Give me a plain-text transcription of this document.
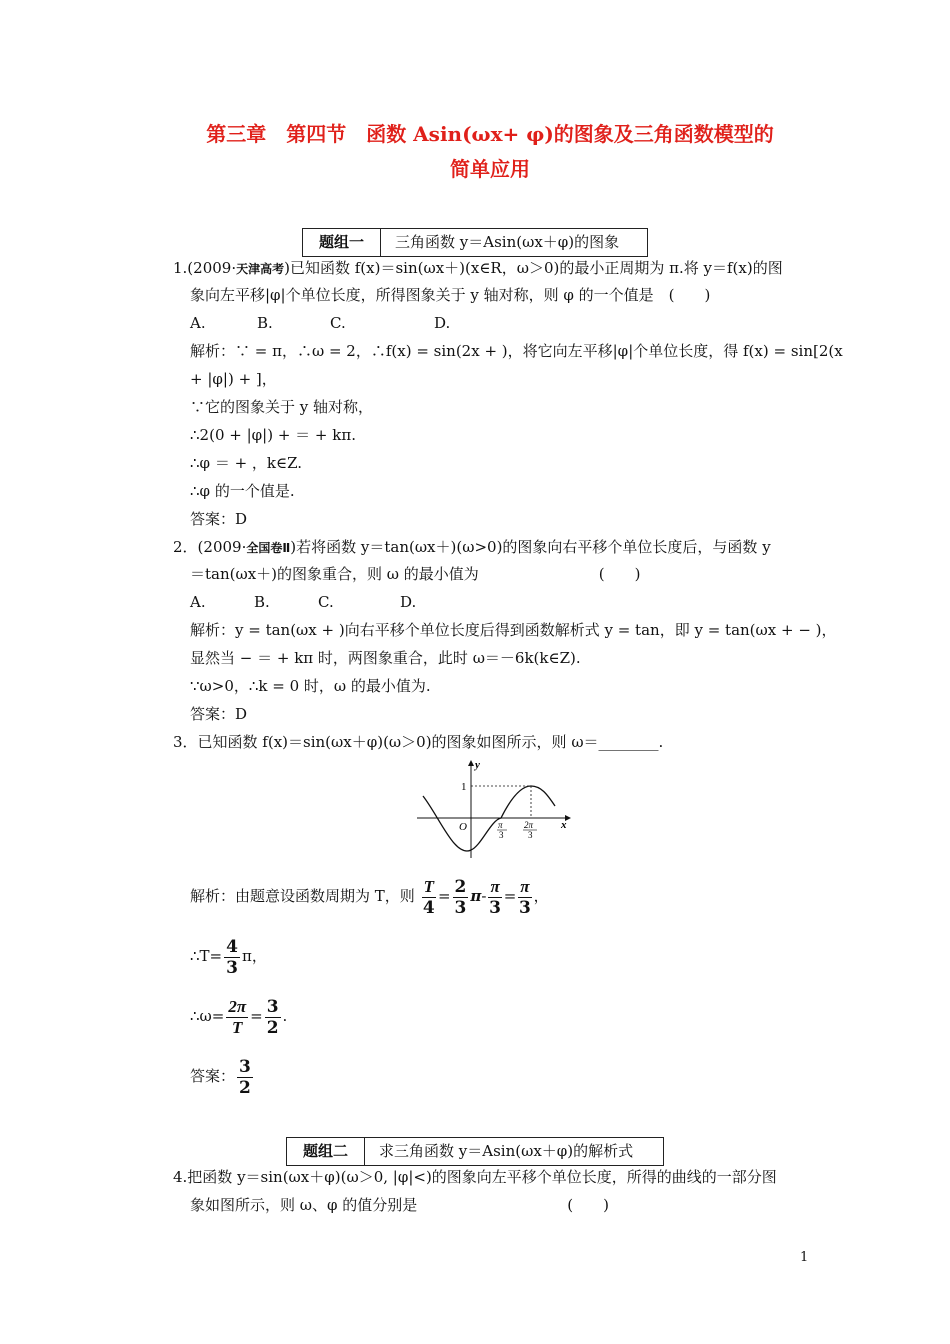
第三章　第四节　函数 Asin(ωx+ φ)的图象及三角函数模型的
简单应用
题组一	三角函数 y＝Asin(ωx＋φ)的图象
1.(2009·天津高考)已知函数 f(x)＝sin(ωx＋)(x∈R，ω＞0)的最小正周期为 π.将 y＝f(x)的图
象向左平移|φ|个单位长度，所得图象关于 y 轴对称，则 φ 的一个值是　(　　)
A.	B.	C.	D.
解析：∵ = π，∴ω = 2，∴f(x) = sin(2x + )，将它向左平移|φ|个单位长度，得 f(x) = sin[2(x
+ |φ|) + ]，
∵它的图象关于 y 轴对称，
∴2(0 + |φ|) + ＝ + kπ.
∴φ ＝ + ，k∈Z.
∴φ 的一个值是.
答案：D
2．(2009·全国卷Ⅱ)若将函数 y＝tan(ωx＋)(ω>0)的图象向右平移个单位长度后，与函数 y
＝tan(ωx＋)的图象重合，则 ω 的最小值为　　　　　　　　(　　)
A.	B.	C.	D.
解析：y = tan(ωx + )向右平移个单位长度后得到函数解析式 y = tan，即 y = tan(ωx + − )，
显然当 − ＝ + kπ 时，两图象重合，此时 ω＝－6k(k∈Z).
∵ω>0，∴k = 0 时，ω 的最小值为.
答案：D
3．已知函数 f(x)＝sin(ωx＋φ)(ω＞0)的图象如图所示，则 ω＝________.
y
x
O
1
π
3
2π
3
解析：由题意设函数周期为 T，则 $\frac{T}{4} = \frac{2}{3} \pi- \frac{\pi}{3} = \frac{\pi}{3}$ ，
∴T= $\frac{4}{3}$ π，
∴ω= $\frac{2\pi}{T} = \frac{3}{2}$ .
答案： $\frac{3}{2}$
题组二	求三角函数 y＝Asin(ωx＋φ)的解析式
4.把函数 y＝sin(ωx＋φ)(ω＞0, |φ|<)的图象向左平移个单位长度，所得的曲线的一部分图
象如图所示，则 ω、φ 的值分别是　　　　　　　　　　(　　)
1
